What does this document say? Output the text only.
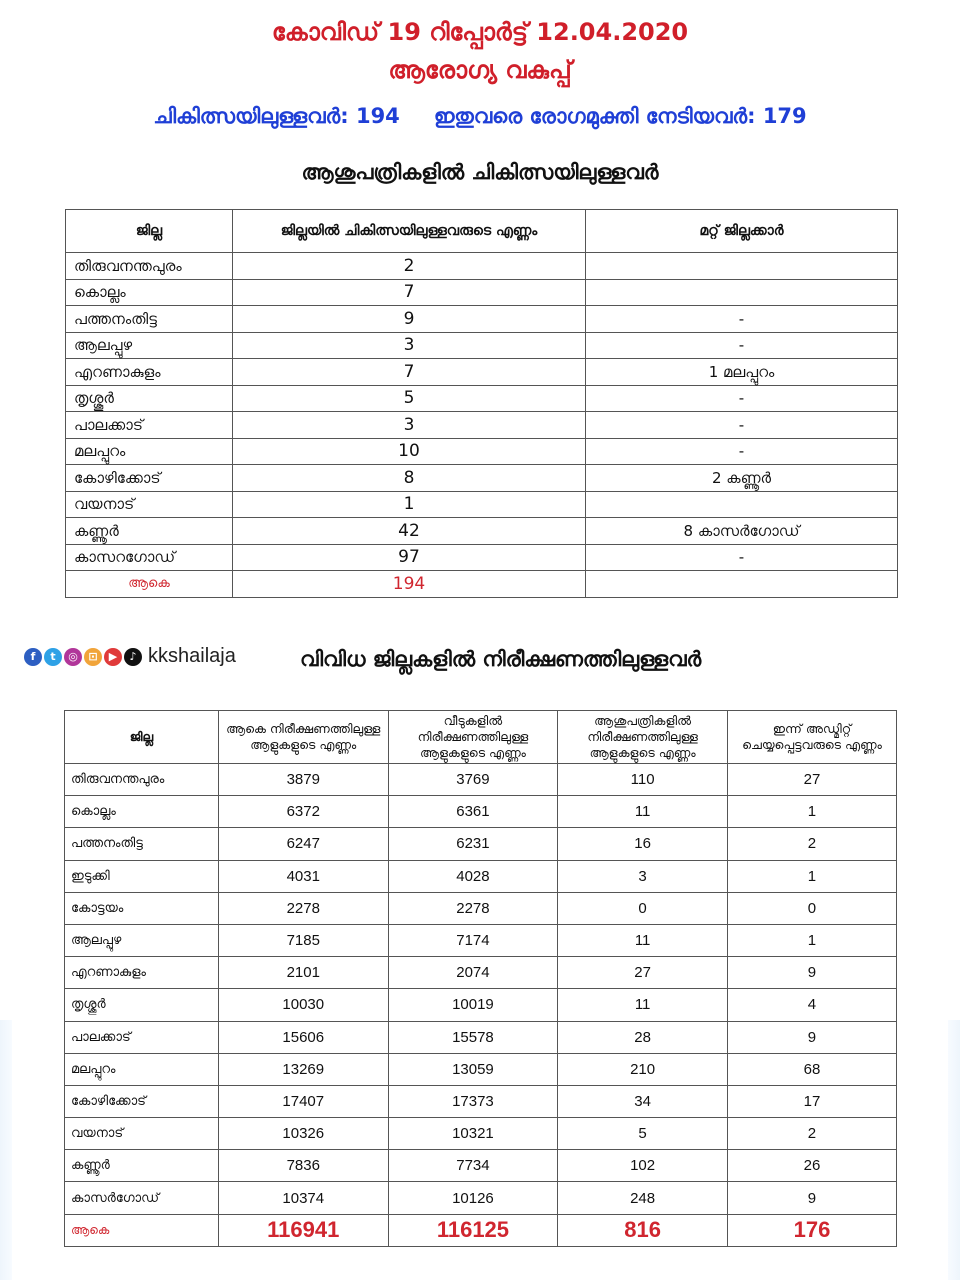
കോവിഡ് 19 റിപ്പോർട്ട് 12.04.2020
ആരോഗ്യ വകുപ്പ്
ചികിത്സയിലുള്ളവർ: 194 ഇതുവരെ രോഗമുക്തി നേടിയവർ: 179
ആശുപത്രികളിൽ ചികിത്സയിലുള്ളവർ
ജില്ല	ജില്ലയിൽ ചികിത്സയിലുള്ളവരുടെ എണ്ണം	മറ്റ് ജില്ലക്കാർ
തിരുവനന്തപുരം	2	
കൊല്ലം	7	
പത്തനംതിട്ട	9	-
ആലപ്പുഴ	3	-
എറണാകുളം	7	1 മലപ്പുറം
തൃശ്ശൂർ	5	-
പാലക്കാട്	3	-
മലപ്പുറം	10	-
കോഴിക്കോട്	8	2 കണ്ണൂർ
വയനാട്	1	
കണ്ണൂർ	42	8 കാസർഗോഡ്
കാസറഗോഡ്	97	-
ആകെ	194	
f	t	◎ ⊡	▶	♪ kkshailaja	വിവിധ ജില്ലകളിൽ നിരീക്ഷണത്തിലുള്ളവർ
ജില്ല	ആകെ നിരീക്ഷണത്തിലുള്ള ആളുകളുടെ എണ്ണം	വീടുകളിൽ നിരീക്ഷണത്തിലുള്ള ആളുകളുടെ എണ്ണം	ആശുപത്രികളിൽ നിരീക്ഷണത്തിലുള്ള ആളുകളുടെ എണ്ണം	ഇന്ന് അഡ്മിറ്റ് ചെയ്യപ്പെട്ടവരുടെ എണ്ണം
തിരുവനന്തപുരം	3879	3769	110	27
കൊല്ലം	6372	6361	11	1
പത്തനംതിട്ട	6247	6231	16	2
ഇടുക്കി	4031	4028	3	1
കോട്ടയം	2278	2278	0	0
ആലപ്പുഴ	7185	7174	11	1
എറണാകുളം	2101	2074	27	9
തൃശ്ശൂർ	10030	10019	11	4
പാലക്കാട്	15606	15578	28	9
മലപ്പുറം	13269	13059	210	68
കോഴിക്കോട്	17407	17373	34	17
വയനാട്	10326	10321	5	2
കണ്ണൂർ	7836	7734	102	26
കാസർഗോഡ്	10374	10126	248	9
ആകെ	116941	116125	816	176
